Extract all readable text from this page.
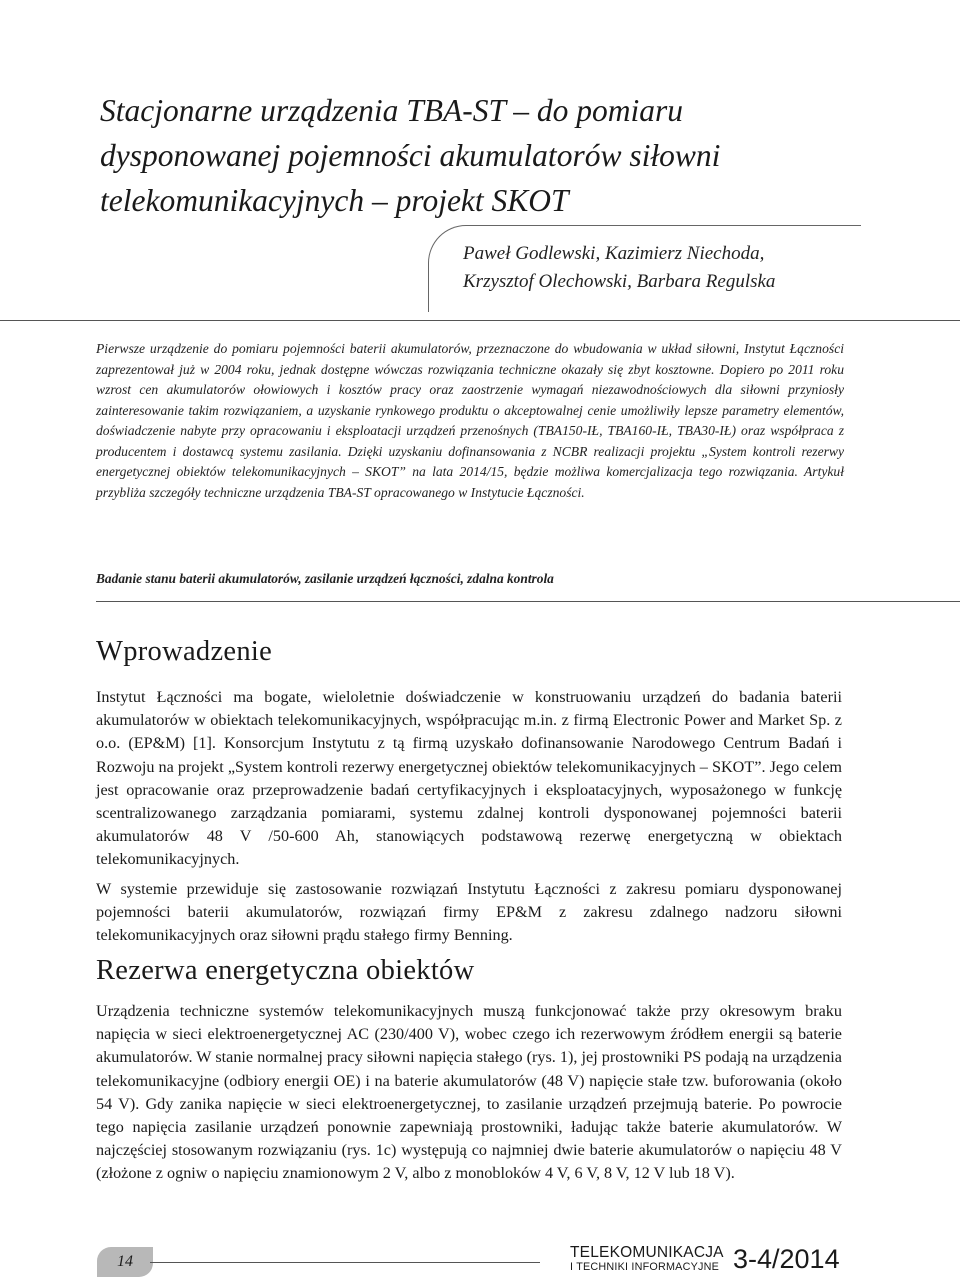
Stacjonarne urządzenia TBA-ST – do pomiaru
dysponowanej pojemności akumulatorów siłowni
telekomunikacyjnych – projekt SKOT
Paweł Godlewski, Kazimierz Niechoda,
Krzysztof Olechowski, Barbara Regulska

Pierwsze urządzenie do pomiaru pojemności baterii akumulatorów, przeznaczone do wbudowania w układ siłowni, Instytut Łączności zaprezentował już w 2004 roku, jednak dostępne wówczas rozwiązania techniczne okazały się zbyt kosztowne. Dopiero po 2011 roku wzrost cen akumulatorów ołowiowych i kosztów pracy oraz zaostrzenie wymagań niezawodnościowych dla siłowni przyniosły zainteresowanie takim rozwiązaniem, a uzyskanie rynkowego produktu o akceptowalnej cenie umożliwiły lepsze parametry elementów, doświadczenie nabyte przy opracowaniu i eksploatacji urządzeń przenośnych (TBA150-IŁ, TBA160-IŁ, TBA30-IŁ) oraz współpraca z producentem i dostawcą systemu zasilania. Dzięki uzyskaniu dofinansowania z NCBR realizacji projektu „System kontroli rezerwy energetycznej obiektów telekomunikacyjnych – SKOT” na lata 2014/15, będzie możliwa komercjalizacja tego rozwiązania. Artykuł przybliża szczegóły techniczne urządzenia TBA-ST opracowanego w Instytucie Łączności.

Badanie stanu baterii akumulatorów, zasilanie urządzeń łączności, zdalna kontrola

Wprowadzenie

Instytut Łączności ma bogate, wieloletnie doświadczenie w konstruowaniu urządzeń do badania baterii akumulatorów w obiektach telekomunikacyjnych, współpracując m.in. z firmą Electronic Power and Market Sp. z o.o. (EP&M) [1]. Konsorcjum Instytutu z tą firmą uzyskało dofinansowanie Narodowego Centrum Badań i Rozwoju na projekt „System kontroli rezerwy energetycznej obiektów telekomunikacyjnych – SKOT”. Jego celem jest opracowanie oraz przeprowadzenie badań certyfikacyjnych i eksploatacyjnych, wyposażonego w funkcję scentralizowanego zarządzania pomiarami, systemu zdalnej kontroli dysponowanej pojemności baterii akumulatorów 48 V /50-600 Ah, stanowiących podstawową rezerwę energetyczną w obiektach telekomunikacyjnych.

W systemie przewiduje się zastosowanie rozwiązań Instytutu Łączności z zakresu pomiaru dysponowanej pojemności baterii akumulatorów, rozwiązań firmy EP&M z zakresu zdalnego nadzoru siłowni telekomunikacyjnych oraz siłowni prądu stałego firmy Benning.

Rezerwa energetyczna obiektów

Urządzenia techniczne systemów telekomunikacyjnych muszą funkcjonować także przy okresowym braku napięcia w sieci elektroenergetycznej AC (230/400 V), wobec czego ich rezerwowym źródłem energii są baterie akumulatorów. W stanie normalnej pracy siłowni napięcia stałego (rys. 1), jej prostowniki PS podają na urządzenia telekomunikacyjne (odbiory energii OE) i na baterie akumulatorów (48 V) napięcie stałe tzw. buforowania (około 54 V). Gdy zanika napięcie w sieci elektroenergetycznej, to zasilanie urządzeń przejmują baterie. Po powrocie tego napięcia zasilanie urządzeń ponownie zapewniają prostowniki, ładując także baterie akumulatorów. W najczęściej stosowanym rozwiązaniu (rys. 1c) występują co najmniej dwie baterie akumulatorów o napięciu 48 V (złożone z ogniw o napięciu znamionowym 2 V, albo z monobloków 4 V, 6 V, 8 V, 12 V lub 18 V).

14
TELEKOMUNIKACJA
I TECHNIKI INFORMACYJNE 3-4/2014
